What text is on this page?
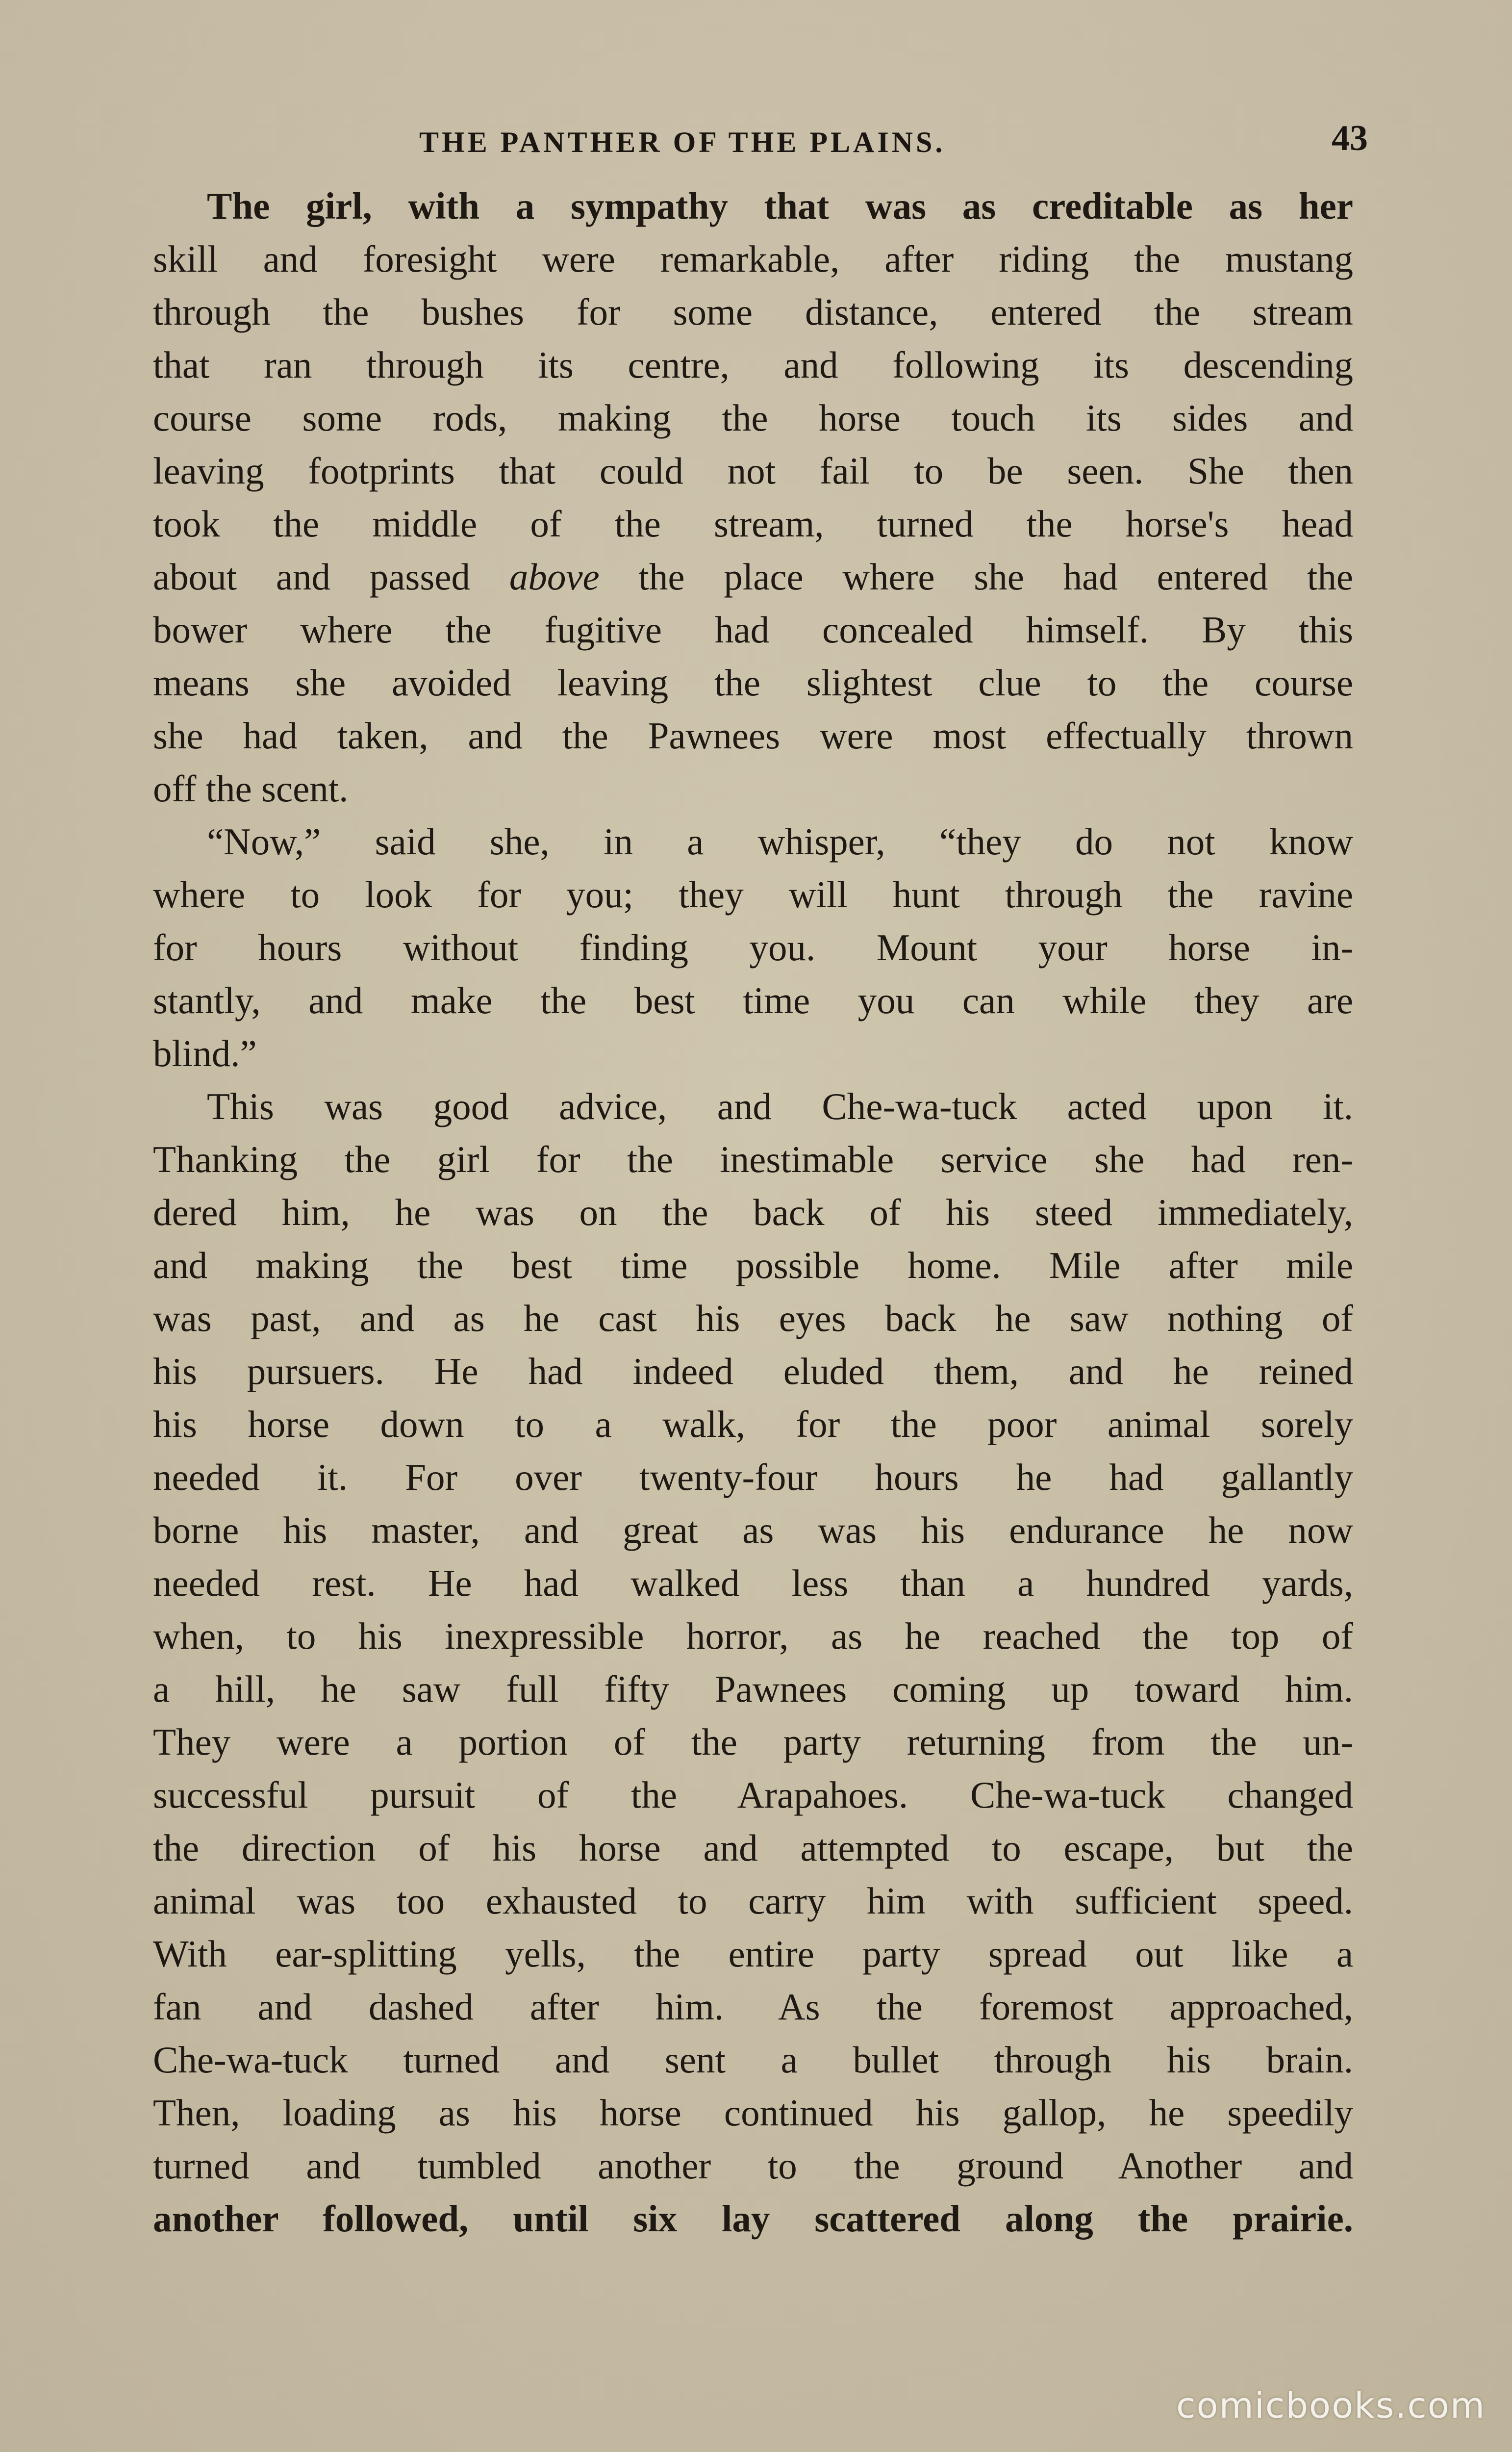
THE PANTHER OF THE PLAINS.	43
The girl, with a sympathy that was as creditable as her
skill and foresight were remarkable, after riding the mustang
through the bushes for some distance, entered the stream
that ran through its centre, and following its descending
course some rods, making the horse touch its sides and
leaving footprints that could not fail to be seen. She then
took the middle of the stream, turned the horse's head
about and passed above the place where she had entered the
bower where the fugitive had concealed himself. By this
means she avoided leaving the slightest clue to the course
she had taken, and the Pawnees were most effectually thrown
off the scent.
“Now,” said she, in a whisper, “they do not know
where to look for you; they will hunt through the ravine
for hours without finding you. Mount your horse in-
stantly, and make the best time you can while they are
blind.”
This was good advice, and Che-wa-tuck acted upon it.
Thanking the girl for the inestimable service she had ren-
dered him, he was on the back of his steed immediately,
and making the best time possible home. Mile after mile
was past, and as he cast his eyes back he saw nothing of
his pursuers. He had indeed eluded them, and he reined
his horse down to a walk, for the poor animal sorely
needed it. For over twenty-four hours he had gallantly
borne his master, and great as was his endurance he now
needed rest. He had walked less than a hundred yards,
when, to his inexpressible horror, as he reached the top of
a hill, he saw full fifty Pawnees coming up toward him.
They were a portion of the party returning from the un-
successful pursuit of the Arapahoes. Che-wa-tuck changed
the direction of his horse and attempted to escape, but the
animal was too exhausted to carry him with sufficient speed.
With ear-splitting yells, the entire party spread out like a
fan and dashed after him. As the foremost approached,
Che-wa-tuck turned and sent a bullet through his brain.
Then, loading as his horse continued his gallop, he speedily
turned and tumbled another to the ground Another and
another followed, until six lay scattered along the prairie.
comicbooks.com
